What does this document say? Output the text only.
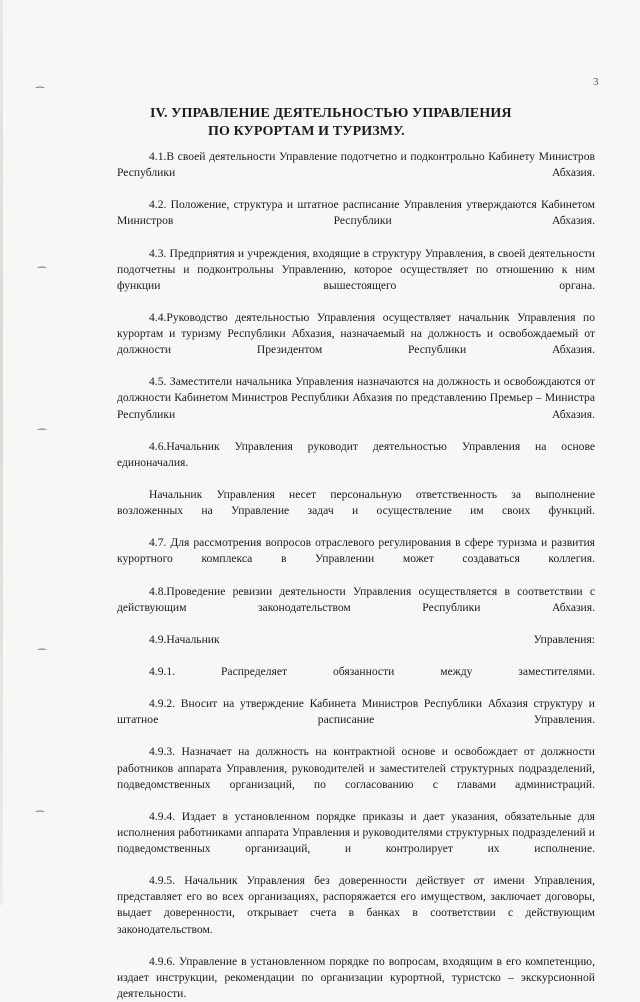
⁀
⁀
⁀
⁀
⁀
3
IV. УПРАВЛЕНИЕ ДЕЯТЕЛЬНОСТЬЮ УПРАВЛЕНИЯ
ПО КУРОРТАМ И ТУРИЗМУ.

4.1.В своей деятельности Управление подотчетно и подконтрольно Кабинету Министров Республики Абхазия.

4.2. Положение, структура и штатное расписание Управления утверждаются Кабинетом Министров Республики Абхазия.

4.3. Предприятия и учреждения, входящие в структуру Управления, в своей деятельности подотчетны и подконтрольны Управлению, которое осуществляет по отношению к ним функции вышестоящего органа.

4.4.Руководство деятельностью Управления осуществляет начальник Управления по курортам и туризму Республики Абхазия, назначаемый на должность и освобождаемый от должности Президентом Республики Абхазия.

4.5. Заместители начальника Управления назначаются на должность и освобождаются от должности Кабинетом Министров Республики Абхазия по представлению Премьер – Министра Республики Абхазия.

4.6.Начальник Управления руководит деятельностью Управления на основе единоначалия.

Начальник Управления несет персональную ответственность за выполнение возложенных на Управление задач и осуществление им своих функций.

4.7. Для рассмотрения вопросов отраслевого регулирования в сфере туризма и развития курортного комплекса в Управлении может создаваться коллегия.

4.8.Проведение ревизии деятельности Управления осуществляется в соответствии с действующим законодательством Республики Абхазия.

4.9.Начальник Управления:

4.9.1. Распределяет обязанности между заместителями.

4.9.2. Вносит на утверждение Кабинета Министров Республики Абхазия структуру и штатное расписание Управления.

4.9.3. Назначает на должность на контрактной основе и освобождает от должности работников аппарата Управления, руководителей и заместителей структурных подразделений, подведомственных организаций, по согласованию с главами администраций.

4.9.4. Издает в установленном порядке приказы и дает указания, обязательные для исполнения работниками аппарата Управления и руководителями структурных подразделений и подведомственных организаций, и контролирует их исполнение.

4.9.5. Начальник Управления без доверенности действует от имени Управления, представляет его во всех организациях, распоряжается его имуществом, заключает договоры, выдает доверенности, открывает счета в банках в соответствии с действующим законодательством.

4.9.6. Управление в установленном порядке по вопросам, входящим в его компетенцию, издает инструкции, рекомендации по организации курортной, туристско – экскурсионной деятельности.
